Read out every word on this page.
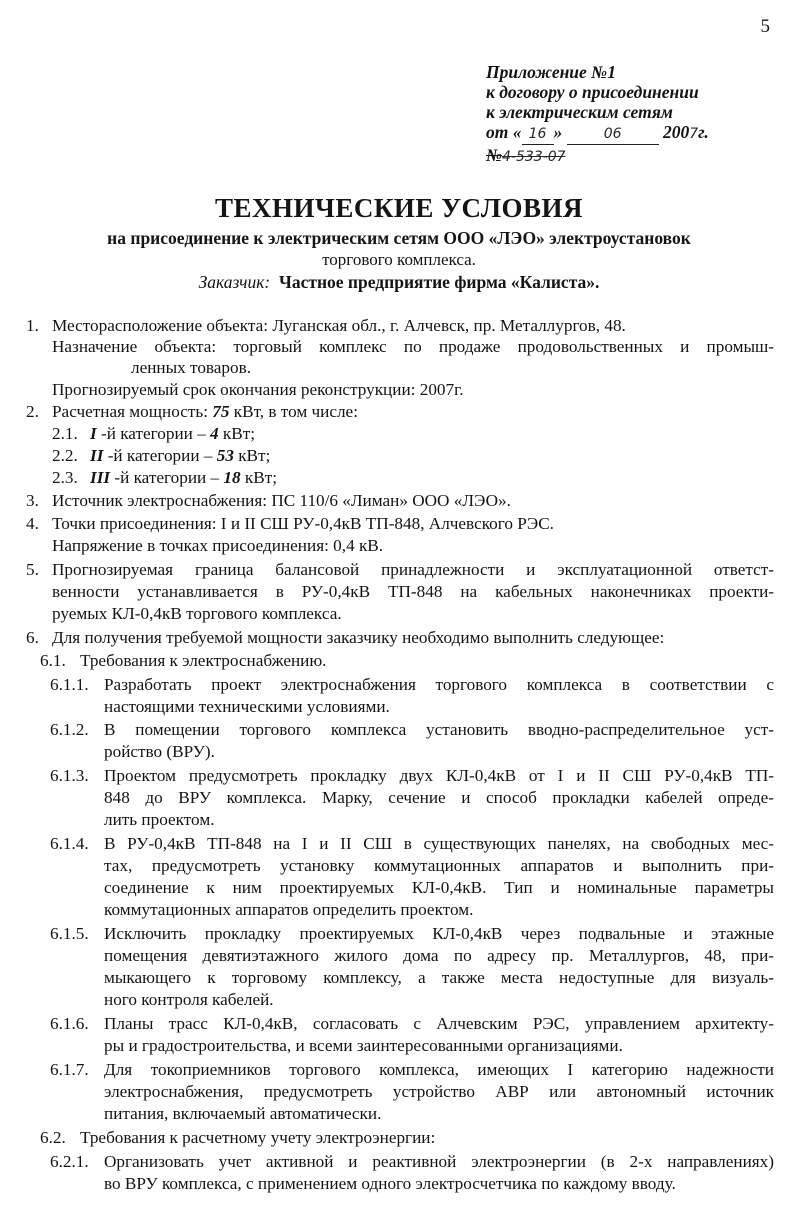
5
Приложение №1
к договору о присоединении
к электрическим сетям
от « 16 »	06 2007г.
№4-533-07
ТЕХНИЧЕСКИЕ УСЛОВИЯ
на присоединение к электрическим сетям ООО «ЛЭО» электроустановок
торгового комплекса.
Заказчик: Частное предприятие фирма «Калиста».
1. Месторасположение объекта: Луганская обл., г. Алчевск, пр. Металлургов, 48.
Назначение объекта: торговый комплекс по продаже продовольственных и промыш-
ленных товаров.
Прогнозируемый срок окончания реконструкции: 2007г.
2. Расчетная мощность: 75 кВт, в том числе:
2.1. I -й категории – 4 кВт;
2.2. II -й категории – 53 кВт;
2.3. III -й категории – 18 кВт;
3. Источник электроснабжения: ПС 110/6 «Лиман» ООО «ЛЭО».
4. Точки присоединения: I и II СШ РУ-0,4кВ ТП-848, Алчевского РЭС.
Напряжение в точках присоединения: 0,4 кВ.
5. Прогнозируемая граница балансовой принадлежности и эксплуатационной ответст-
венности устанавливается в РУ-0,4кВ ТП-848 на кабельных наконечниках проекти-
руемых КЛ-0,4кВ торгового комплекса.
6. Для получения требуемой мощности заказчику необходимо выполнить следующее:
6.1. Требования к электроснабжению.
6.1.1. Разработать проект электроснабжения торгового комплекса в соответствии с
настоящими техническими условиями.
6.1.2. В помещении торгового комплекса установить вводно-распределительное уст-
ройство (ВРУ).
6.1.3. Проектом предусмотреть прокладку двух КЛ-0,4кВ от I и II СШ РУ-0,4кВ ТП-
848 до ВРУ комплекса. Марку, сечение и способ прокладки кабелей опреде-
лить проектом.
6.1.4. В РУ-0,4кВ ТП-848 на I и II СШ в существующих панелях, на свободных мес-
тах, предусмотреть установку коммутационных аппаратов и выполнить при-
соединение к ним проектируемых КЛ-0,4кВ. Тип и номинальные параметры
коммутационных аппаратов определить проектом.
6.1.5. Исключить прокладку проектируемых КЛ-0,4кВ через подвальные и этажные
помещения девятиэтажного жилого дома по адресу пр. Металлургов, 48, при-
мыкающего к торговому комплексу, а также места недоступные для визуаль-
ного контроля кабелей.
6.1.6. Планы трасс КЛ-0,4кВ, согласовать с Алчевским РЭС, управлением архитекту-
ры и градостроительства, и всеми заинтересованными организациями.
6.1.7. Для токоприемников торгового комплекса, имеющих I категорию надежности
электроснабжения, предусмотреть устройство АВР или автономный источник
питания, включаемый автоматически.
6.2. Требования к расчетному учету электроэнергии:
6.2.1. Организовать учет активной и реактивной электроэнергии (в 2-х направлениях)
во ВРУ комплекса, с применением одного электросчетчика по каждому вводу.
